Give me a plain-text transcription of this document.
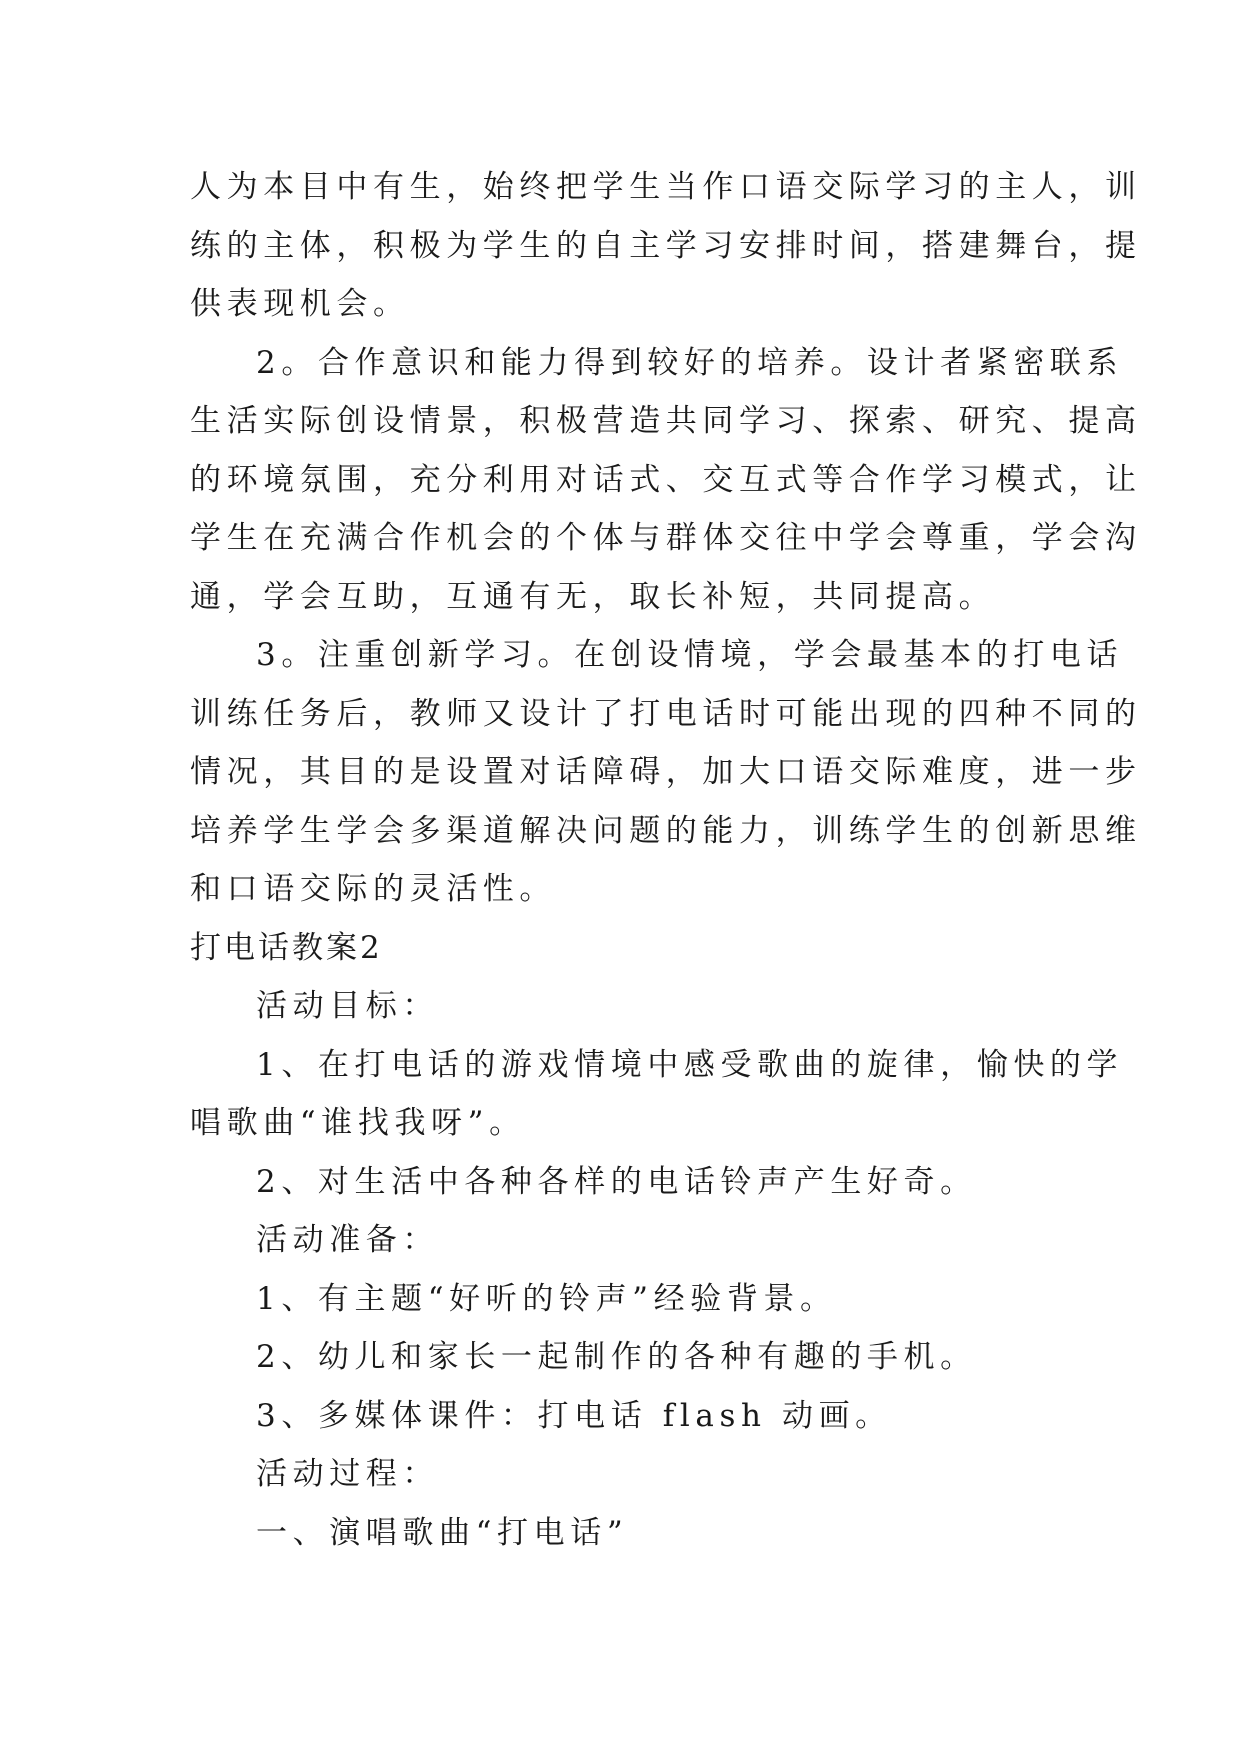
人为本目中有生，始终把学生当作口语交际学习的主人，训
练的主体，积极为学生的自主学习安排时间，搭建舞台，提
供表现机会。
2。合作意识和能力得到较好的培养。设计者紧密联系
生活实际创设情景，积极营造共同学习、探索、研究、提高
的环境氛围，充分利用对话式、交互式等合作学习模式，让
学生在充满合作机会的个体与群体交往中学会尊重，学会沟
通，学会互助，互通有无，取长补短，共同提高。
3。注重创新学习。在创设情境，学会最基本的打电话
训练任务后，教师又设计了打电话时可能出现的四种不同的
情况，其目的是设置对话障碍，加大口语交际难度，进一步
培养学生学会多渠道解决问题的能力，训练学生的创新思维
和口语交际的灵活性。
打电话教案2
活动目标：
1、在打电话的游戏情境中感受歌曲的旋律，愉快的学
唱歌曲“谁找我呀”。
2、对生活中各种各样的电话铃声产生好奇。
活动准备：
1、有主题“好听的铃声”经验背景。
2、幼儿和家长一起制作的各种有趣的手机。
3、多媒体课件：打电话 flash 动画。
活动过程：
一、演唱歌曲“打电话”
